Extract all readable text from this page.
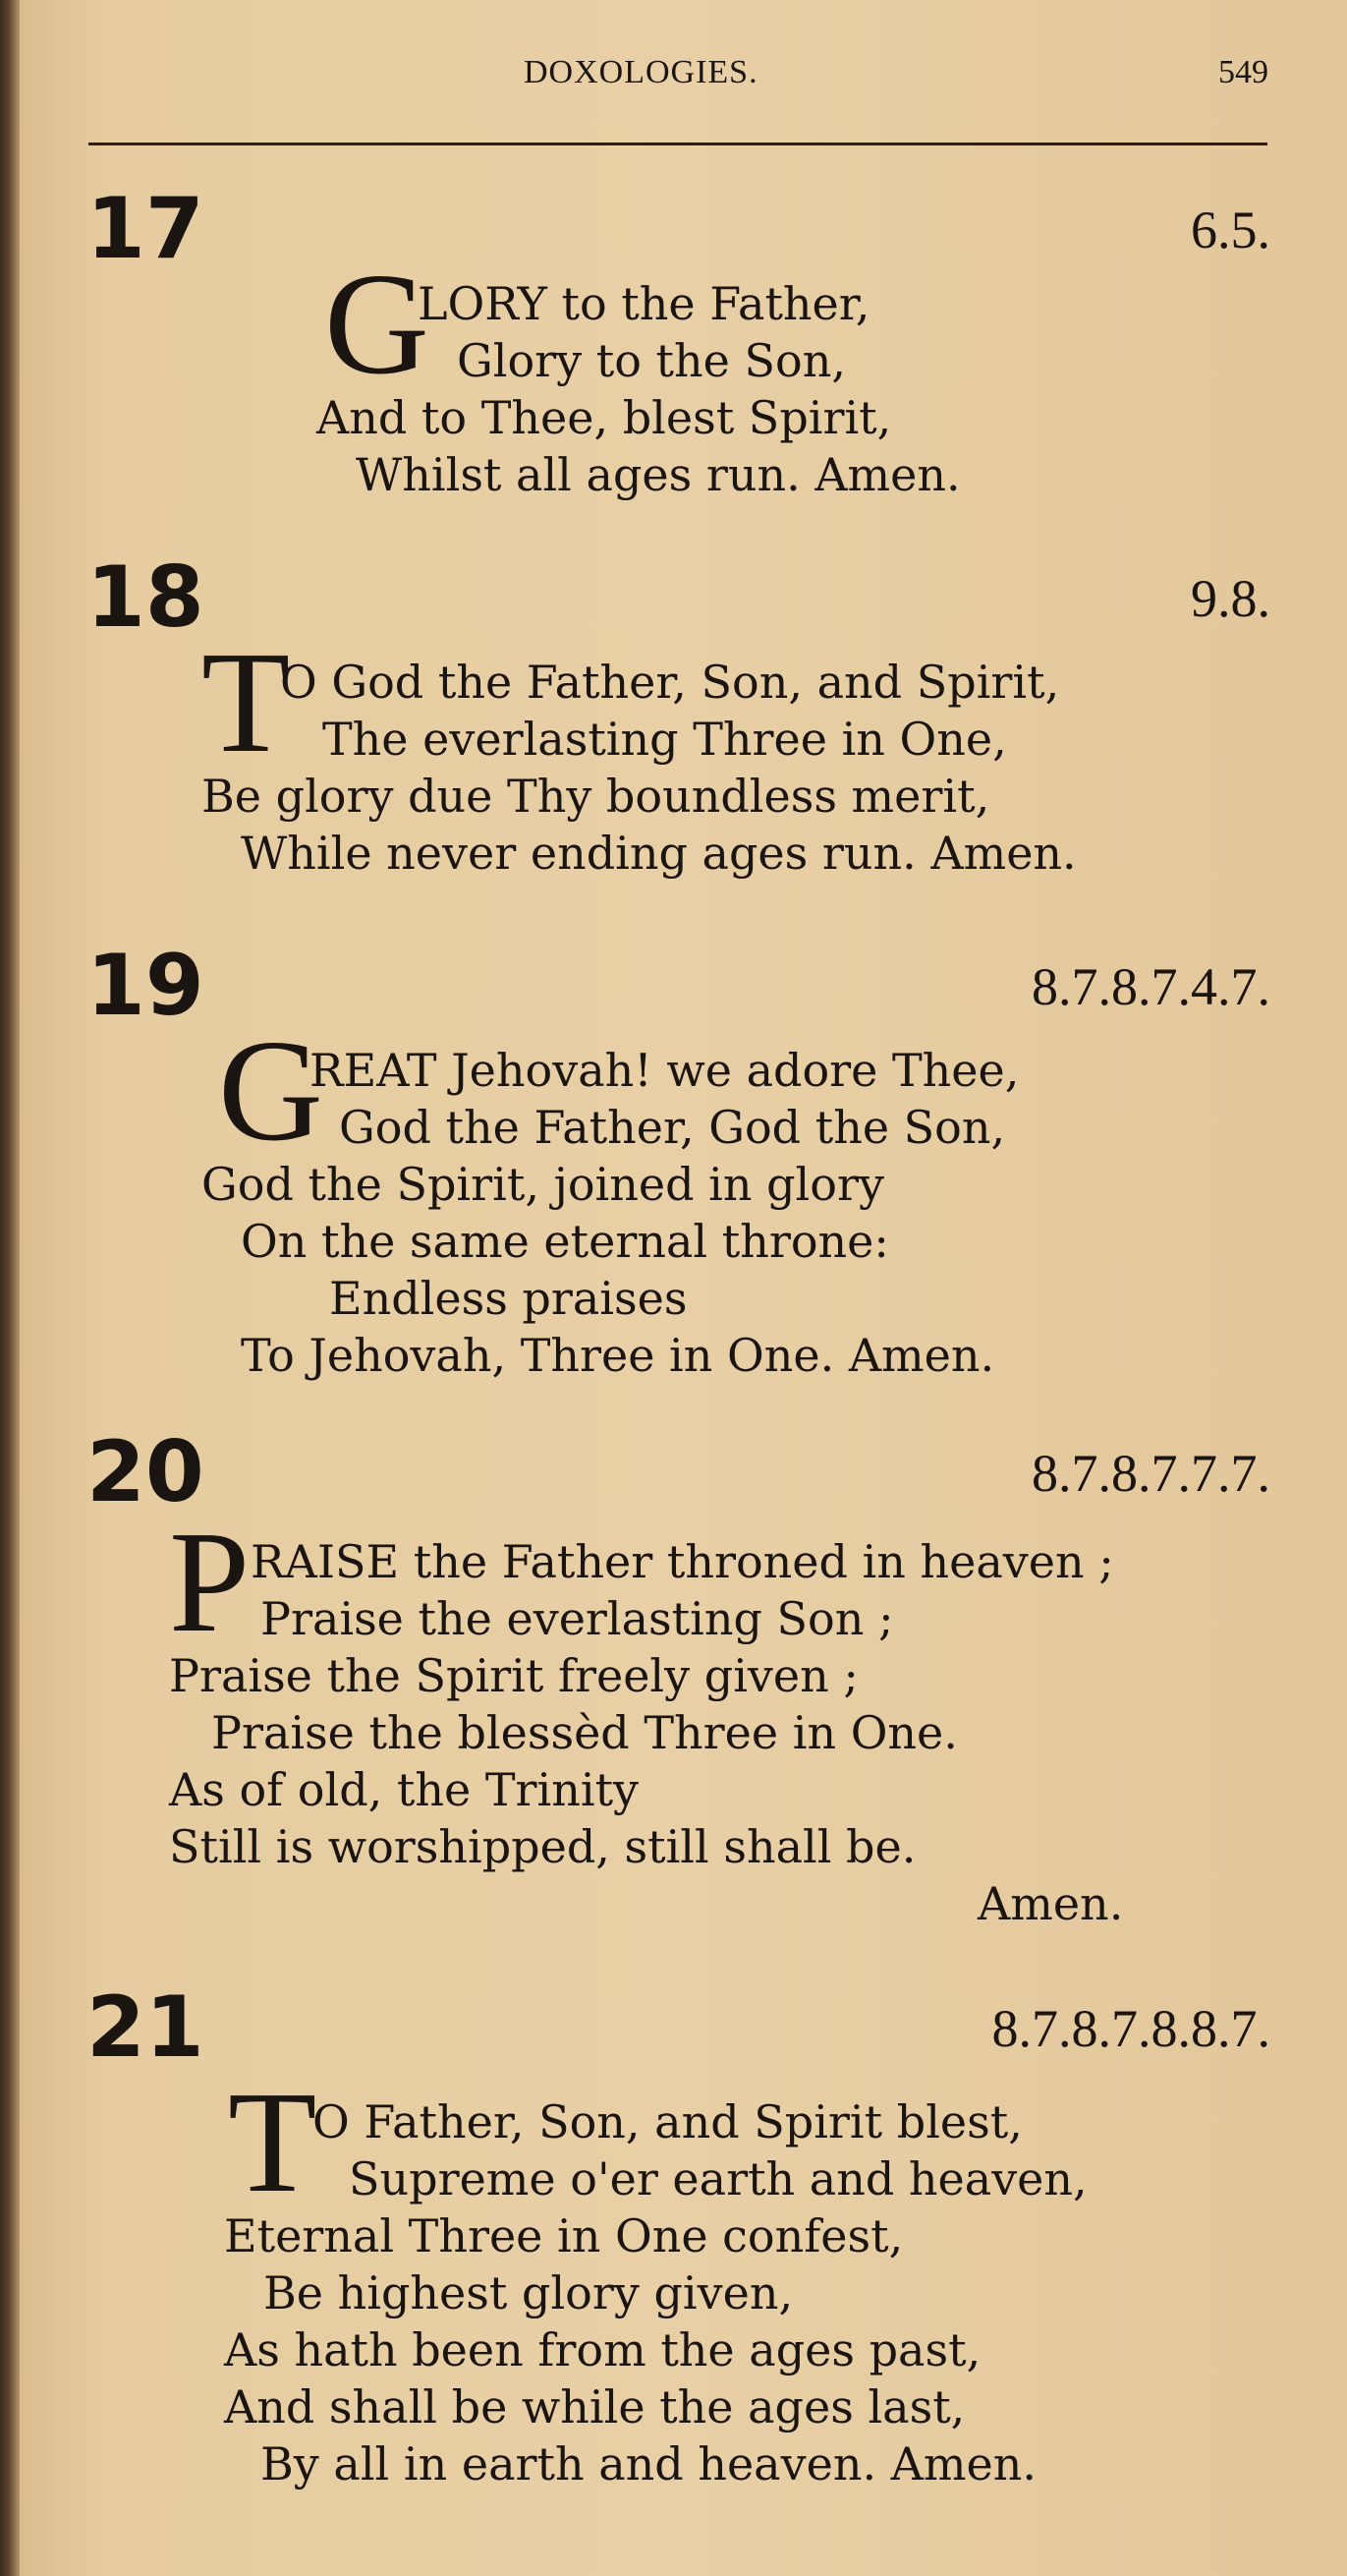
DOXOLOGIES.	549
17	6.5.
G
LORY to the Father,
Glory to the Son,
And to Thee, blest Spirit,
Whilst all ages run. Amen.
18	9.8.
T
O God the Father, Son, and Spirit,
The everlasting Three in One,
Be glory due Thy boundless merit,
While never ending ages run. Amen.
19	8.7.8.7.4.7.
G
REAT Jehovah! we adore Thee,
God the Father, God the Son,
God the Spirit, joined in glory
On the same eternal throne:
Endless praises
To Jehovah, Three in One. Amen.
20	8.7.8.7.7.7.
P RAISE the Father throned in heaven ;
Praise the everlasting Son ;
Praise the Spirit freely given ;
Praise the blessèd Three in One.
As of old, the Trinity
Still is worshipped, still shall be.
Amen.
21	8.7.8.7.8.8.7.
T
O Father, Son, and Spirit blest,
Supreme o'er earth and heaven,
Eternal Three in One confest,
Be highest glory given,
As hath been from the ages past,
And shall be while the ages last,
By all in earth and heaven. Amen.
